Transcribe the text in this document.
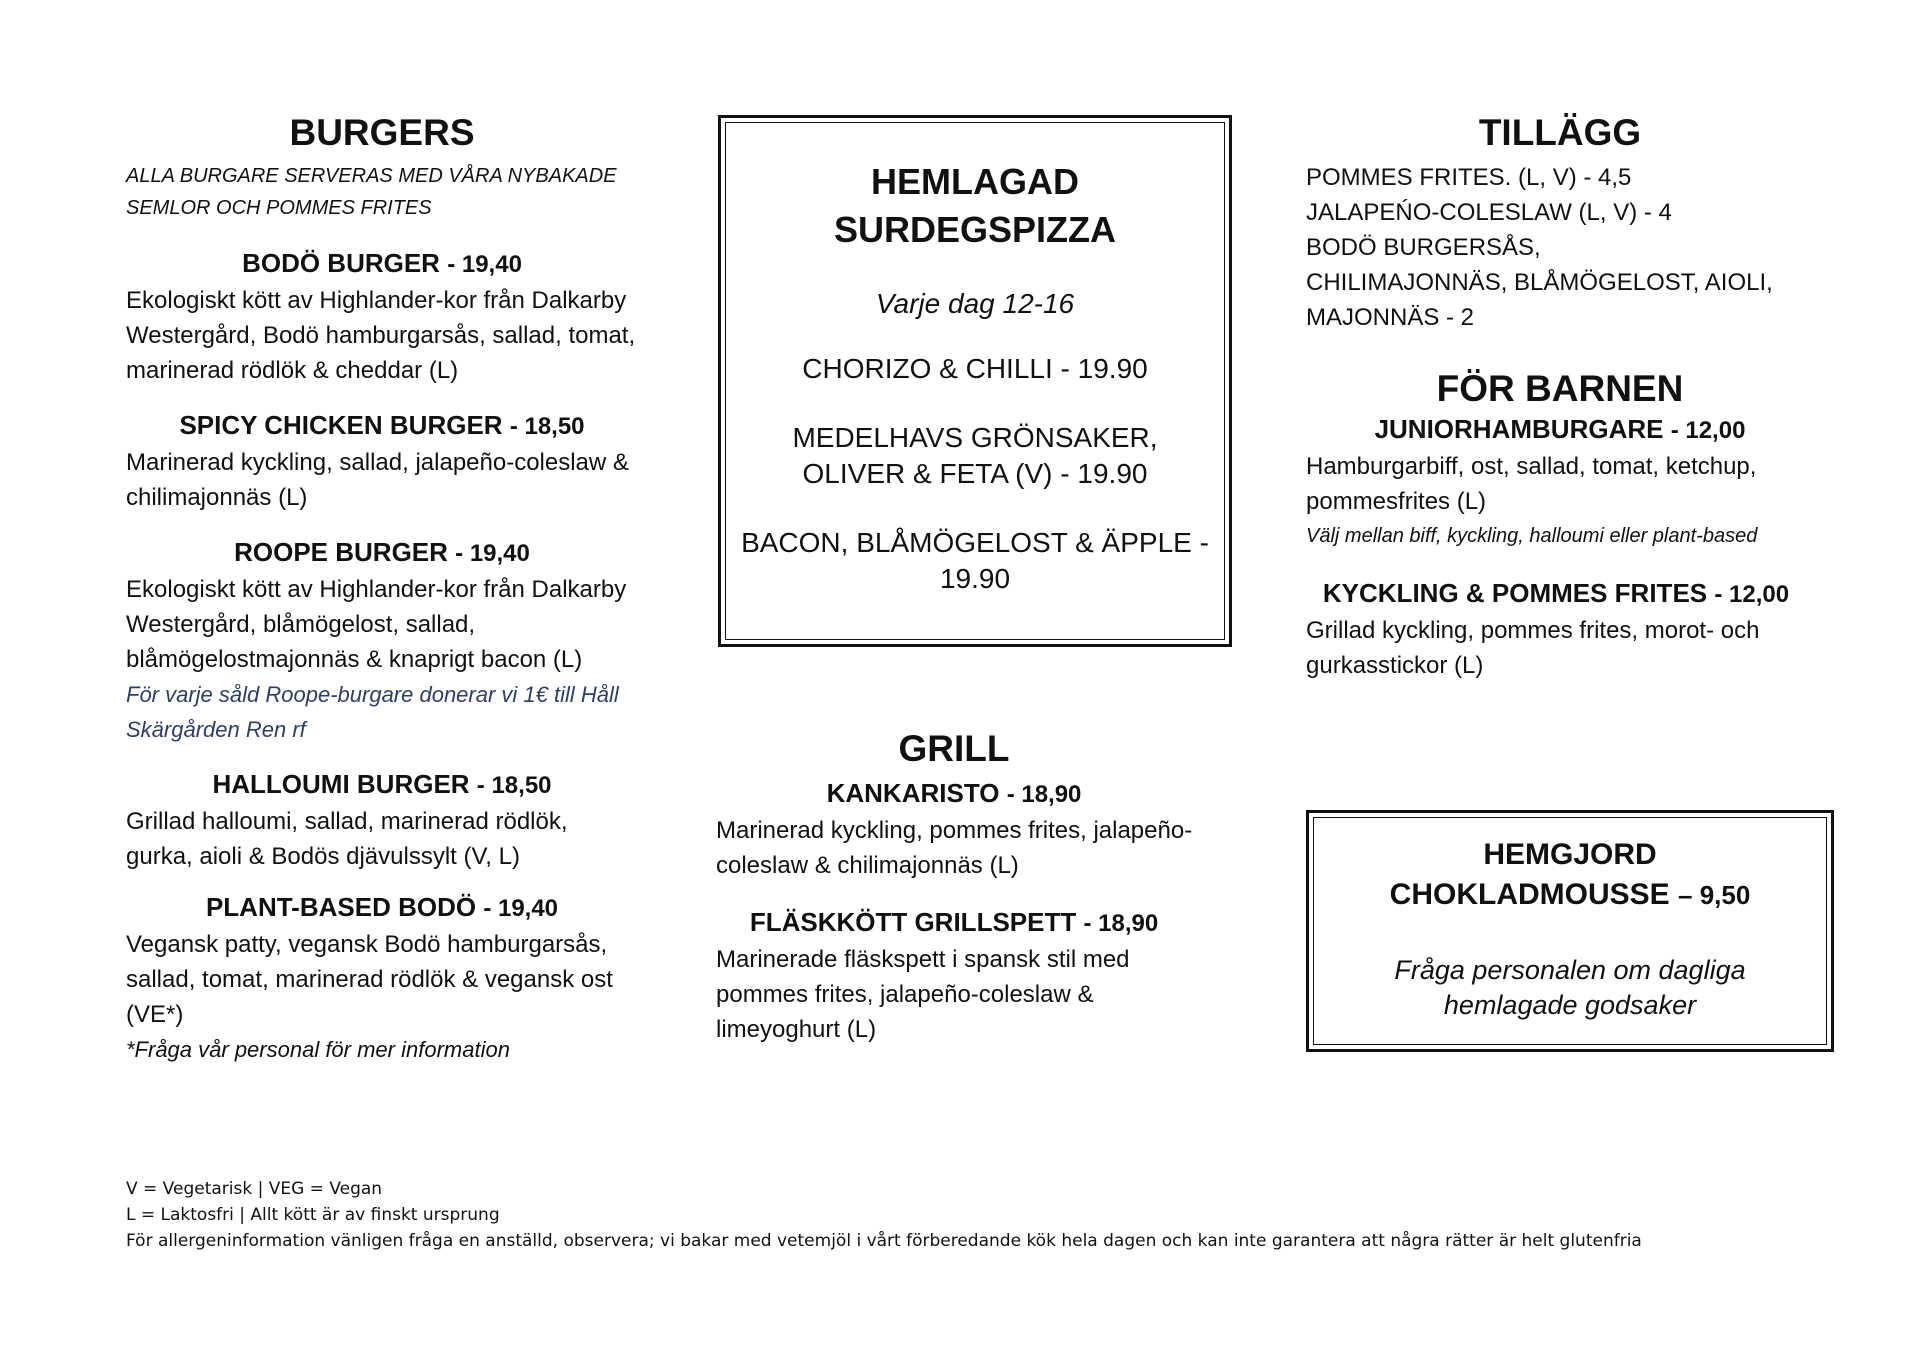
BURGERS

ALLA BURGARE SERVERAS MED VÅRA NYBAKADE SEMLOR OCH POMMES FRITES

BODÖ BURGER - 19,40

Ekologiskt kött av Highlander-kor från Dalkarby Westergård, Bodö hamburgarsås, sallad, tomat, marinerad rödlök & cheddar (L)

SPICY CHICKEN BURGER - 18,50

Marinerad kyckling, sallad, jalapeño-coleslaw & chilimajonnäs (L)

ROOPE BURGER - 19,40

Ekologiskt kött av Highlander-kor från Dalkarby Westergård, blåmögelost, sallad, blåmögelostmajonnäs & knaprigt bacon (L)

För varje såld Roope-burgare donerar vi 1€ till Håll Skärgården Ren rf

HALLOUMI BURGER - 18,50

Grillad halloumi, sallad, marinerad rödlök, gurka, aioli & Bodös djävulssylt (V, L)

PLANT-BASED BODÖ - 19,40

Vegansk patty, vegansk Bodö hamburgarsås, sallad, tomat, marinerad rödlök & vegansk ost (VE*)

*Fråga vår personal för mer information

HEMLAGAD
SURDEGSPIZZA

Varje dag 12-16

CHORIZO & CHILLI - 19.90

MEDELHAVS GRÖNSAKER, OLIVER & FETA (V) - 19.90

BACON, BLÅMÖGELOST & ÄPPLE - 19.90

GRILL
KANKARISTO - 18,90

Marinerad kyckling, pommes frites, jalapeño-coleslaw & chilimajonnäs (L)

FLÄSKKÖTT GRILLSPETT - 18,90

Marinerade fläskspett i spansk stil med pommes frites, jalapeño-coleslaw & limeyoghurt (L)

TILLÄGG

POMMES FRITES. (L, V) - 4,5

JALAPEŃO-COLESLAW (L, V) - 4

BODÖ BURGERSÅS,

CHILIMAJONNÄS, BLÅMÖGELOST, AIOLI,

MAJONNÄS - 2

FÖR BARNEN
JUNIORHAMBURGARE - 12,00

Hamburgarbiff, ost, sallad, tomat, ketchup, pommesfrites (L)

Välj mellan biff, kyckling, halloumi eller plant-based

KYCKLING & POMMES FRITES - 12,00

Grillad kyckling, pommes frites, morot- och gurkasstickor (L)

HEMGJORD
CHOKLADMOUSSE – 9,50

Fråga personalen om dagliga hemlagade godsaker

V = Vegetarisk | VEG = Vegan
L = Laktosfri | Allt kött är av finskt ursprung
För allergeninformation vänligen fråga en anställd, observera; vi bakar med vetemjöl i vårt förberedande kök hela dagen och kan inte garantera att några rätter är helt glutenfria
